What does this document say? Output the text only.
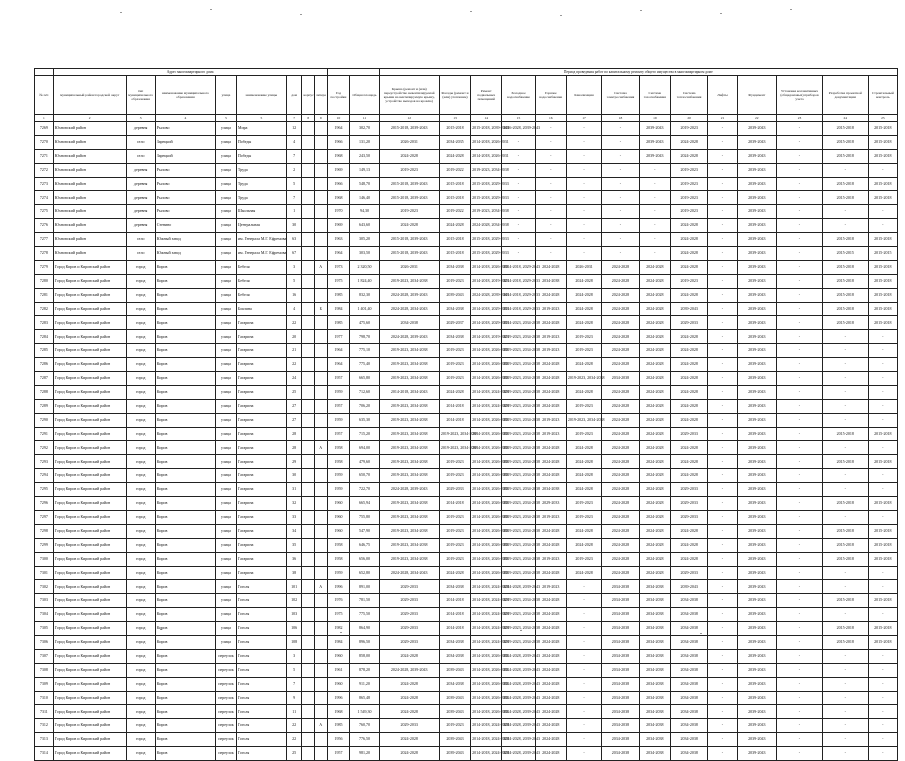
	Адрес многоквартирного дома										Период проведения работ по капитальному ремонту общего имущества в многоквартирном доме													
№ п/п	муниципальный район/городской округ	тип муниципального образования	наименование муниципального образования	улица	наименование улицы	дом	корпус	литера	Год постройки	Общая площадь	Крыша (ремонт и (или) переустройство невентилируемой крыши на вентилируемую крышу, устройство выходов на кровлю)	Фасады (ремонт и (или) утепление)	Ремонт подвальных помещений	Холодное водоснабжение	Горячее водоснабжение	Канализация	Система электроснабжения	Система газоснабжения	Система теплоснабжения	Лифты	Фундамент	Установка коллективных (общедомовых) приборов учета	Разработка проектной документации	Строительный контроль
1	2	3	4	5	5	7	8	9	10	11	12	13	14	15	16	17	18	19	20	21	22	23	24	25
7269	Юхновский район	деревня	Рылово	улица	Мира	12			1964	302,70	2015-2018, 2039-2043	2015-2018	2015-2018, 2039-2043	2026-2028, 2039-2043	-	-	-	2039-2043	2019-2023	-	2039-2043	-	2015-2018	2015-2018
7270	Юхновский район	село	Зарецкий	улица	Победы	4			1966	131,20	2026-2031	2034-2035	2014-2018, 2026-2031	-	-	-	-	2039-2043	2024-2028	-	2039-2043	-	2015-2018	2015-2018
7271	Юхновский район	село	Зарецкий	улица	Победы	7			1968	243,50	2024-2028	2024-2028	2014-2018, 2026-2031	-	-	-	-	2039-2043	2024-2028	-	2039-2043	-	2015-2018	2015-2018
7272	Юхновский район	деревня	Рылово	улица	Труда	2			1969	149,13	2019-2023	2019-2022	2019-2023, 2034-2038	-	-	-	-	-	2019-2023	-	2039-2043	-	-	-
7273	Юхновский район	деревня	Рылово	улица	Труда	5			1966	548,70	2015-2018, 2039-2043	2015-2018	2015-2018, 2029-2033	-	-	-	-	-	2019-2023	-	2039-2043	-	2015-2018	2015-2018
7274	Юхновский район	деревня	Рылово	улица	Труда	7			1968	146,40	2015-2018, 2039-2043	2015-2018	2015-2018, 2029-2033	-	-	-	-	-	2019-2023	-	2039-2043	-	2015-2018	2015-2018
7275	Юхновский район	деревня	Рылово	улица	Школьная	1			1970	94,30	2019-2023	2019-2022	2019-2023, 2034-2038	-	-	-	-	-	2019-2023	-	2039-2043	-	-	-
7276	Юхновский район	деревня	Стенино	улица	Центральная	30			1969	643,60	2024-2028	2024-2028	2024-2028, 2034-2038	-	-	-	-	-	2024-2028	-	2039-2043	-	-	-
7277	Юхновский район	село	Южный завод	улица	им. Генерала М.Г. Ефремова	63			1963	305,20	2015-2018, 2039-2043	2015-2018	2015-2018, 2029-2033	-	-	-	-	-	2024-2028	-	2039-2043	-	2015-2018	2015-2018
7278	Юхновский район	село	Южный завод	улица	им. Генерала М.Г. Ефремова	67			1964	303,50	2015-2018, 2039-2043	2015-2018	2015-2018, 2029-2033	-	-	-	-	-	2024-2028	-	2039-2043	-	2015-2015	2015-2015
7279	Город Киров и Кировский район	город	Киров	улица	Бебеля	3		А	1973	2 320,50	2026-2031	2034-2038	2014-2018, 2026-2031	2014-2018, 2029-2043	2024-2028	2026-2031	2024-2028	2024-2028	2024-2028	-	2039-2043	-	2015-2018	2015-2018
7280	Город Киров и Кировский район	город	Киров	улица	Бебеля	5			1975	1 824,40	2019-2023, 2034-2038	2019-2023	2014-2018, 2019-2023	2014-2018, 2029-2033	2034-2038	2024-2028	2024-2028	2024-2028	2019-2023	-	2039-2043	-	2015-2018	2015-2018
7281	Город Киров и Кировский район	город	Киров	улица	Бебеля	16			1985	832,30	2024-2028, 2039-2043	2039-2043	2024-2028, 2039-2043	2014-2018, 2029-2033	2024-2028	2024-2028	2024-2028	2024-2028	2024-2028	-	2039-2043	-	2015-2018	2015-2018
7282	Город Киров и Кировский район	город	Киров	улица	Бокзина	4		Б	1984	1 401,40	2024-2028, 2034-2043	2034-2038	2014-2018, 2029-2033	2014-2018, 2029-2033	2019-2023	2024-2028	2024-2028	2024-2028	2039-2043	-	2039-2043	-	2015-2018	2015-2018
7283	Город Киров и Кировский район	город	Киров	улица	Гагарина	22			1985	475,60	2034-2038	2029-2037	2014-2018, 2029-2033	2014-2023, 2034-2038	2024-2028	2024-2028	2024-2028	2024-2028	2029-2033	-	2039-2043	-	2015-2018	2015-2018
7284	Город Киров и Кировский район	город	Киров	улица	Гагарина	20			1977	798,70	2024-2028, 2039-2043	2034-2038	2014-2018, 2019-2023	2019-2023, 2034-2038	2019-2023	2019-2023	2024-2028	2024-2028	2024-2028	-	2039-2043	-	-	-
7285	Город Киров и Кировский район	город	Киров	улица	Гагарина	21			1964	775,10	2019-2023, 2034-2038	2019-2023	2014-2018, 2026-2031	2019-2023, 2034-2038	2019-2023	2019-2023	2024-2028	2024-2028	2024-2028	-	2039-2043	-	-	-
7286	Город Киров и Кировский район	город	Киров	улица	Гагарина	22			1964	775,40	2019-2023, 2034-2038	2019-2023	2014-2018, 2026-2031	2019-2023, 2034-2038	2024-2028	2024-2028	2024-2028	2024-2028	2024-2028	-	2039-2043	-	-	-
7287	Город Киров и Кировский район	город	Киров	улица	Гагарина	24			1957	665,80	2019-2023, 2034-2038	2019-2023	2014-2018, 2026-2031	2019-2023, 2034-2038	2024-2028	2019-2023, 2034-2038	2034-2038	2024-2028	2024-2028	-	2039-2043	-	-	-
7288	Город Киров и Кировский район	город	Киров	улица	Гагарина	25			1959	712,60	2014-2018, 2034-2043	2024-2028	2014-2018, 2024-2028	2019-2023, 2034-2038	2024-2028	2024-2028	2024-2028	2024-2028	2024-2028	-	2039-2043	-	-	-
7289	Город Киров и Кировский район	город	Киров	улица	Гагарина	27			1957	706,20	2019-2023, 2034-2038	2014-2018	2014-2018, 2024-2028	2019-2023, 2034-2038	2024-2028	2019-2023	2024-2028	2024-2028	2024-2028	-	2039-2043	-	-	-
7290	Город Киров и Кировский район	город	Киров	улица	Гагарина	27			1959	635,30	2019-2023, 2034-2038	2014-2018	2014-2018, 2026-2031	2019-2023, 2034-2038	2019-2023	2019-2023, 2034-2038	2024-2028	2024-2028	2024-2028	-	2039-2043	-	-	-
7291	Город Киров и Кировский район	город	Киров	улица	Гагарина	28			1957	715,20	2019-2023, 2034-2038	2019-2023, 2034-2038	2014-2018, 2026-2031	2019-2023, 2034-2038	2019-2023	2019-2023	2024-2028	2024-2028	2029-2033	-	2039-2043	-	2015-2018	2015-2018
7292	Город Киров и Кировский район	город	Киров	улица	Гагарина	28		А	1958	694,00	2019-2023, 2034-2038	2019-2023, 2034-2038	2014-2018, 2026-2031	2019-2023, 2034-2038	2024-2028	2024-2028	2024-2028	2024-2028	2024-2028	-	2039-2043	-	-	-
7293	Город Киров и Кировский район	город	Киров	улица	Гагарина	29			1958	479,60	2019-2023, 2034-2038	2019-2023	2014-2018, 2026-2031	2019-2023, 2034-2038	2024-2028	2024-2028	2024-2028	2024-2028	2024-2028	-	2039-2043	-	2015-2018	2015-2018
7294	Город Киров и Кировский район	город	Киров	улица	Гагарина	30			1959	650,70	2019-2023, 2034-2038	2019-2023	2014-2018, 2026-2031	2019-2023, 2034-2038	2024-2028	2024-2028	2024-2028	2024-2028	2024-2028	-	2039-2043	-	-	-
7295	Город Киров и Кировский район	город	Киров	улица	Гагарина	31			1959	722,70	2024-2028, 2039-2043	2029-2033	2014-2018, 2026-2031	2019-2023, 2034-2038	2034-2038	2024-2028	2024-2028	2024-2028	2029-2033	-	2039-2043	-	-	-
7296	Город Киров и Кировский район	город	Киров	улица	Гагарина	32			1960	665,94	2019-2023, 2034-2038	2014-2018	2014-2018, 2026-2031	2019-2023, 2034-2038	2029-2033	2019-2023	2024-2028	2024-2028	2029-2033	-	2039-2043	-	2015-2018	2015-2018
7297	Город Киров и Кировский район	город	Киров	улица	Гагарина	33			1960	755,80	2019-2023, 2034-2038	2019-2023	2014-2018, 2026-2031	2019-2023, 2034-2038	2019-2023	2019-2023	2024-2028	2024-2028	2029-2033	-	2039-2043	-	-	-
7298	Город Киров и Кировский район	город	Киров	улица	Гагарина	34			1960	547,90	2019-2023, 2034-2038	2019-2023	2014-2018, 2026-2031	2019-2023, 2034-2038	2024-2028	2024-2028	2024-2028	2024-2028	2024-2028	-	2039-2043	-	2015-2018	2015-2018
7299	Город Киров и Кировский район	город	Киров	улица	Гагарина	35			1958	646,75	2019-2023, 2034-2038	2019-2023	2014-2018, 2026-2031	2019-2023, 2034-2038	2024-2028	2024-2028	2024-2028	2024-2028	2024-2028	-	2039-2043	-	2015-2018	2015-2018
7300	Город Киров и Кировский район	город	Киров	улица	Гагарина	36			1958	656,00	2019-2023, 2034-2038	2019-2023	2014-2018, 2026-2031	2019-2023, 2034-2038	2019-2023	2019-2023	2024-2028	2024-2028	2024-2028	-	2039-2043	-	2015-2018	2015-2018
7301	Город Киров и Кировский район	город	Киров	улица	Гагарина	38			1959	652,80	2024-2028, 2034-2043	2024-2028	2014-2018, 2026-2031	2019-2023, 2034-2038	2024-2028	2024-2028	2024-2028	2024-2028	2029-2033	-	2039-2043	-	-	-
7302	Город Киров и Кировский район	город	Киров	улица	Гоголя	101		А	1996	891,00	2029-2033	2034-2038	2014-2018, 2024-2028	2024-2028, 2039-2043	2019-2023	-	2034-2038	2034-2038	2039-2043	-	2039-2043	-	-	-
7303	Город Киров и Кировский район	город	Киров	улица	Гоголя	102			1976	781,50	2029-2033	2014-2018	2014-2018, 2024-2028	2019-2023, 2034-2038	2024-2028	-	2034-2038	2034-2038	2034-2038	-	2039-2043	-	2015-2018	2015-2018
7304	Город Киров и Кировский район	город	Киров	улица	Гоголя	103			1975	775,50	2029-2033	2014-2018	2014-2018, 2024-2028	2019-2023, 2034-2038	2024-2028	-	2034-2038	2034-2038	2034-2038	-	2039-2043	-	-	-
7305	Город Киров и Кировский район	город	Киров	улица	Гоголя	106			1982	864,90	2029-2033	2014-2018	2014-2018, 2024-2028	2019-2023, 2034-2038	2024-2028	-	2034-2038	2034-2038	2034-2038	-	2039-2043	-	2015-2018	2015-2018
7306	Город Киров и Кировский район	город	Киров	улица	Гоголя	108			1984	896,50	2029-2033	2034-2038	2014-2018, 2024-2028	2019-2023, 2034-2038	2024-2028	-	2034-2038	2034-2038	2034-2038	-	2039-2043	-	2015-2018	2015-2018
7307	Город Киров и Кировский район	город	Киров	переулок	Гоголя	3			1960	858,00	2024-2028	2034-2038	2014-2018, 2026-2031	2024-2028, 2039-2043	2024-2028	-	2034-2038	2034-2038	2034-2038	-	2039-2043	-	-	-
7308	Город Киров и Кировский район	город	Киров	переулок	Гоголя	5			1961	878,20	2024-2028, 2039-2043	2039-2043	2014-2018, 2026-2031	2024-2028, 2039-2043	2024-2028	-	2034-2038	2034-2038	2034-2038	-	2039-2043	-	-	-
7309	Город Киров и Кировский район	город	Киров	переулок	Гоголя	7			1960	911,20	2024-2028	2034-2038	2014-2018, 2026-2031	2024-2028, 2039-2043	2024-2028	-	2034-2038	2034-2038	2034-2038	-	2039-2043	-	-	-
7310	Город Киров и Кировский район	город	Киров	переулок	Гоголя	9			1996	865,48	2024-2028	2039-2043	2014-2018, 2026-2031	2024-2028, 2039-2043	2024-2028	-	2034-2038	2034-2038	2034-2038	-	2039-2043	-	-	-
7311	Город Киров и Кировский район	город	Киров	переулок	Гоголя	11			1968	1 549,30	2024-2028	2039-2043	2014-2018, 2026-2031	2024-2028, 2039-2043	2024-2028	-	2034-2038	2034-2038	2034-2038	-	2039-2043	-	-	-
7312	Город Киров и Кировский район	город	Киров	переулок	Гоголя	22		А	1985	760,70	2029-2033	2019-2023	2014-2018, 2024-2028	2024-2028, 2039-2043	2024-2028	-	2034-2038	2034-2038	2034-2038	-	2039-2043	-	-	-
7313	Город Киров и Кировский район	город	Киров	переулок	Гоголя	22			1956	776,50	2024-2028	2039-2043	2014-2018, 2024-2028	2024-2028, 2039-2043	2024-2028	-	2034-2038	2034-2038	2034-2038	-	2039-2043	-	-	-
7314	Город Киров и Кировский район	город	Киров	переулок	Гоголя	25			1957	981,20	2024-2028	2039-2043	2014-2018, 2024-2028	2024-2028, 2039-2043	2024-2028	-	2034-2038	2034-2038	2034-2038	-	2039-2043	-	-	-
